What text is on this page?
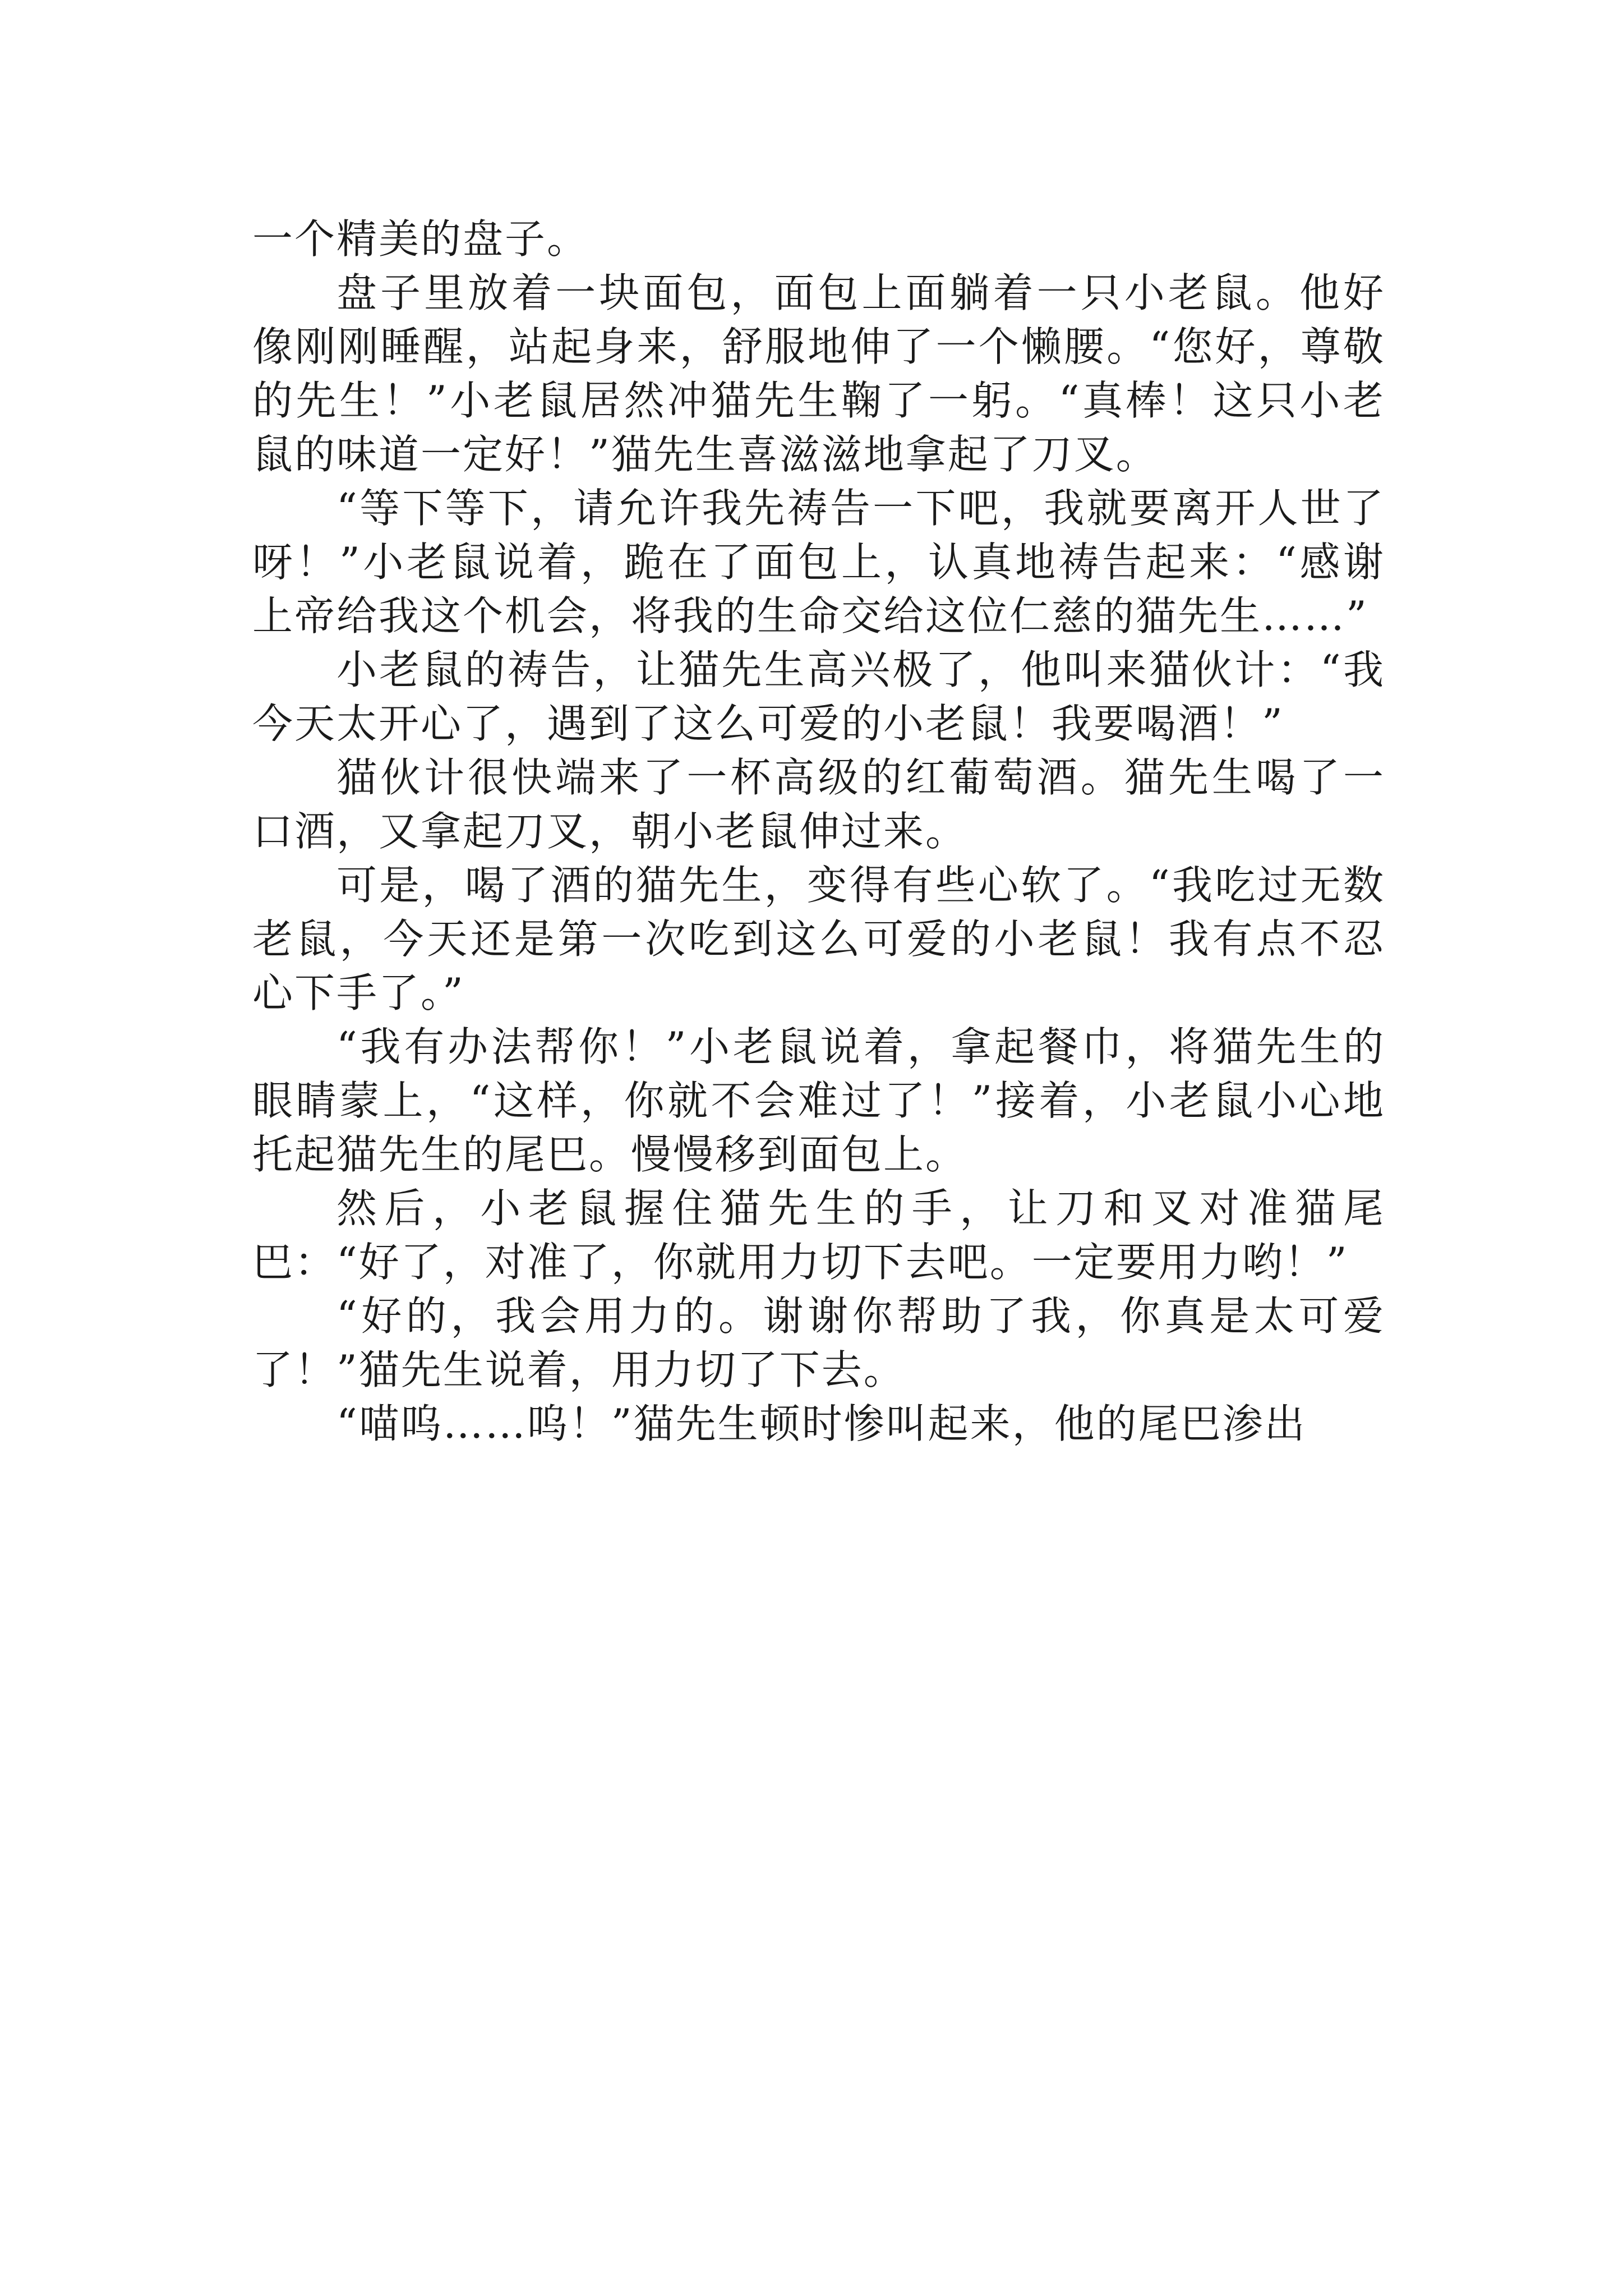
一个精美的盘子。

盘子里放着一块面包，面包上面躺着一只小老鼠。他好像刚刚睡醒，站起身来，舒服地伸了一个懒腰。“您好，尊敬的先生！”小老鼠居然冲猫先生鞠了一躬。“真棒！这只小老鼠的味道一定好！”猫先生喜滋滋地拿起了刀叉。

“等下等下，请允许我先祷告一下吧，我就要离开人世了呀！”小老鼠说着，跪在了面包上，认真地祷告起来：“感谢上帝给我这个机会，将我的生命交给这位仁慈的猫先生……”

小老鼠的祷告，让猫先生高兴极了，他叫来猫伙计：“我今天太开心了，遇到了这么可爱的小老鼠！我要喝酒！”

猫伙计很快端来了一杯高级的红葡萄酒。猫先生喝了一口酒，又拿起刀叉，朝小老鼠伸过来。

可是，喝了酒的猫先生，变得有些心软了。“我吃过无数老鼠，今天还是第一次吃到这么可爱的小老鼠！我有点不忍心下手了。”

“我有办法帮你！”小老鼠说着，拿起餐巾，将猫先生的眼睛蒙上，“这样，你就不会难过了！”接着，小老鼠小心地托起猫先生的尾巴。慢慢移到面包上。

然后，小老鼠握住猫先生的手，让刀和叉对准猫尾巴：“好了，对准了，你就用力切下去吧。一定要用力哟！”

“好的，我会用力的。谢谢你帮助了我，你真是太可爱了！”猫先生说着，用力切了下去。

“喵呜……呜！”猫先生顿时惨叫起来，他的尾巴渗出
